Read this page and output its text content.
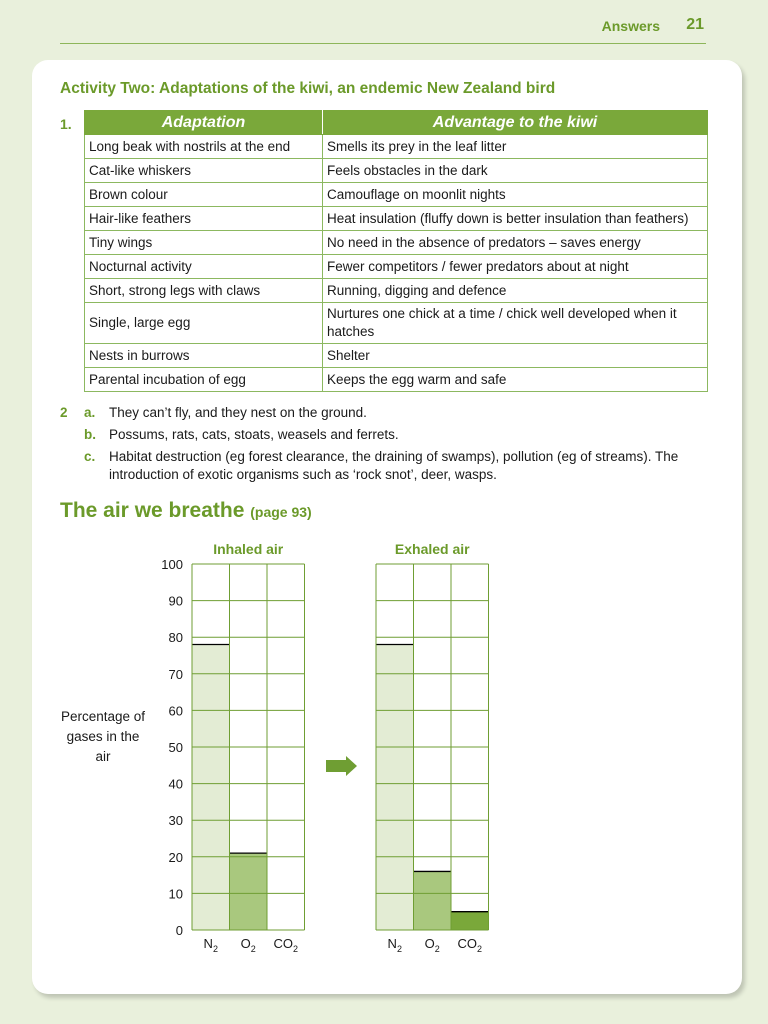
Answers 21
Activity Two: Adaptations of the kiwi, an endemic New Zealand bird
1.	Adaptation	Advantage to the kiwi
Long beak with nostrils at the end	Smells its prey in the leaf litter
Cat-like whiskers	Feels obstacles in the dark
Brown colour	Camouflage on moonlit nights
Hair-like feathers	Heat insulation (fluffy down is better insulation than feathers)
Tiny wings	No need in the absence of predators – saves energy
Nocturnal activity	Fewer competitors / fewer predators about at night
Short, strong legs with claws	Running, digging and defence
Single, large egg	Nurtures one chick at a time / chick well developed when it hatches
Nests in burrows	Shelter
Parental incubation of egg	Keeps the egg warm and safe
2 a. They can’t fly, and they nest on the ground.
b. Possums, rats, cats, stoats, weasels and ferrets.
c. Habitat destruction (eg forest clearance, the draining of swamps), pollution (eg of streams). The introduction of exotic organisms such as ‘rock snot’, deer, wasps.
The air we breathe (page 93)
0
10
20
30
40
50
60
70
80
90
100
Percentage of
gases in the
air
Inhaled air
$N_2$ $O_2$ $CO_2$
Exhaled air
$N_2$ $O_2$ $CO_2$
